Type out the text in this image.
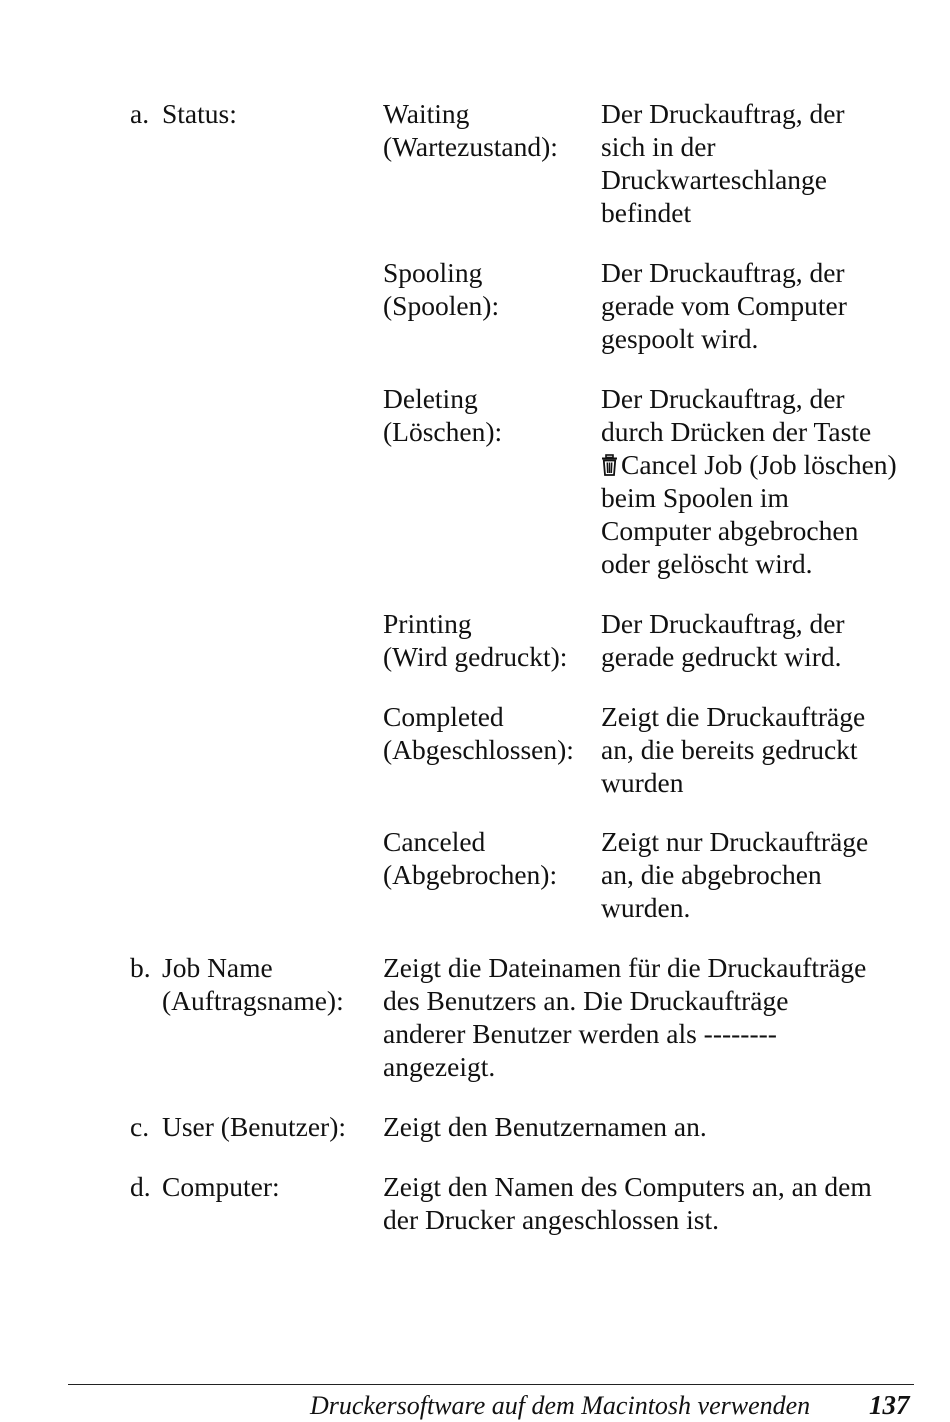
a. Status:	Waiting
(Wartezustand):
Der Druckauftrag, der
sich in der
Druckwarteschlange
befindet
Spooling
(Spoolen):
Der Druckauftrag, der
gerade vom Computer
gespoolt wird.
Deleting
(Löschen):
Der Druckauftrag, der
durch Drücken der Taste
Cancel Job (Job löschen)
beim Spoolen im
Computer abgebrochen
oder gelöscht wird.
Printing
(Wird gedruckt):
Der Druckauftrag, der
gerade gedruckt wird.
Completed
(Abgeschlossen):
Zeigt die Druckaufträge
an, die bereits gedruckt
wurden
Canceled
(Abgebrochen):
Zeigt nur Druckaufträge
an, die abgebrochen
wurden.
b. Job Name
(Auftragsname):
Zeigt die Dateinamen für die Druckaufträge
des Benutzers an. Die Druckaufträge
anderer Benutzer werden als --------
angezeigt.
c. User (Benutzer): Zeigt den Benutzernamen an.
d. Computer:	Zeigt den Namen des Computers an, an dem
der Drucker angeschlossen ist.
Druckersoftware auf dem Macintosh verwenden 137
